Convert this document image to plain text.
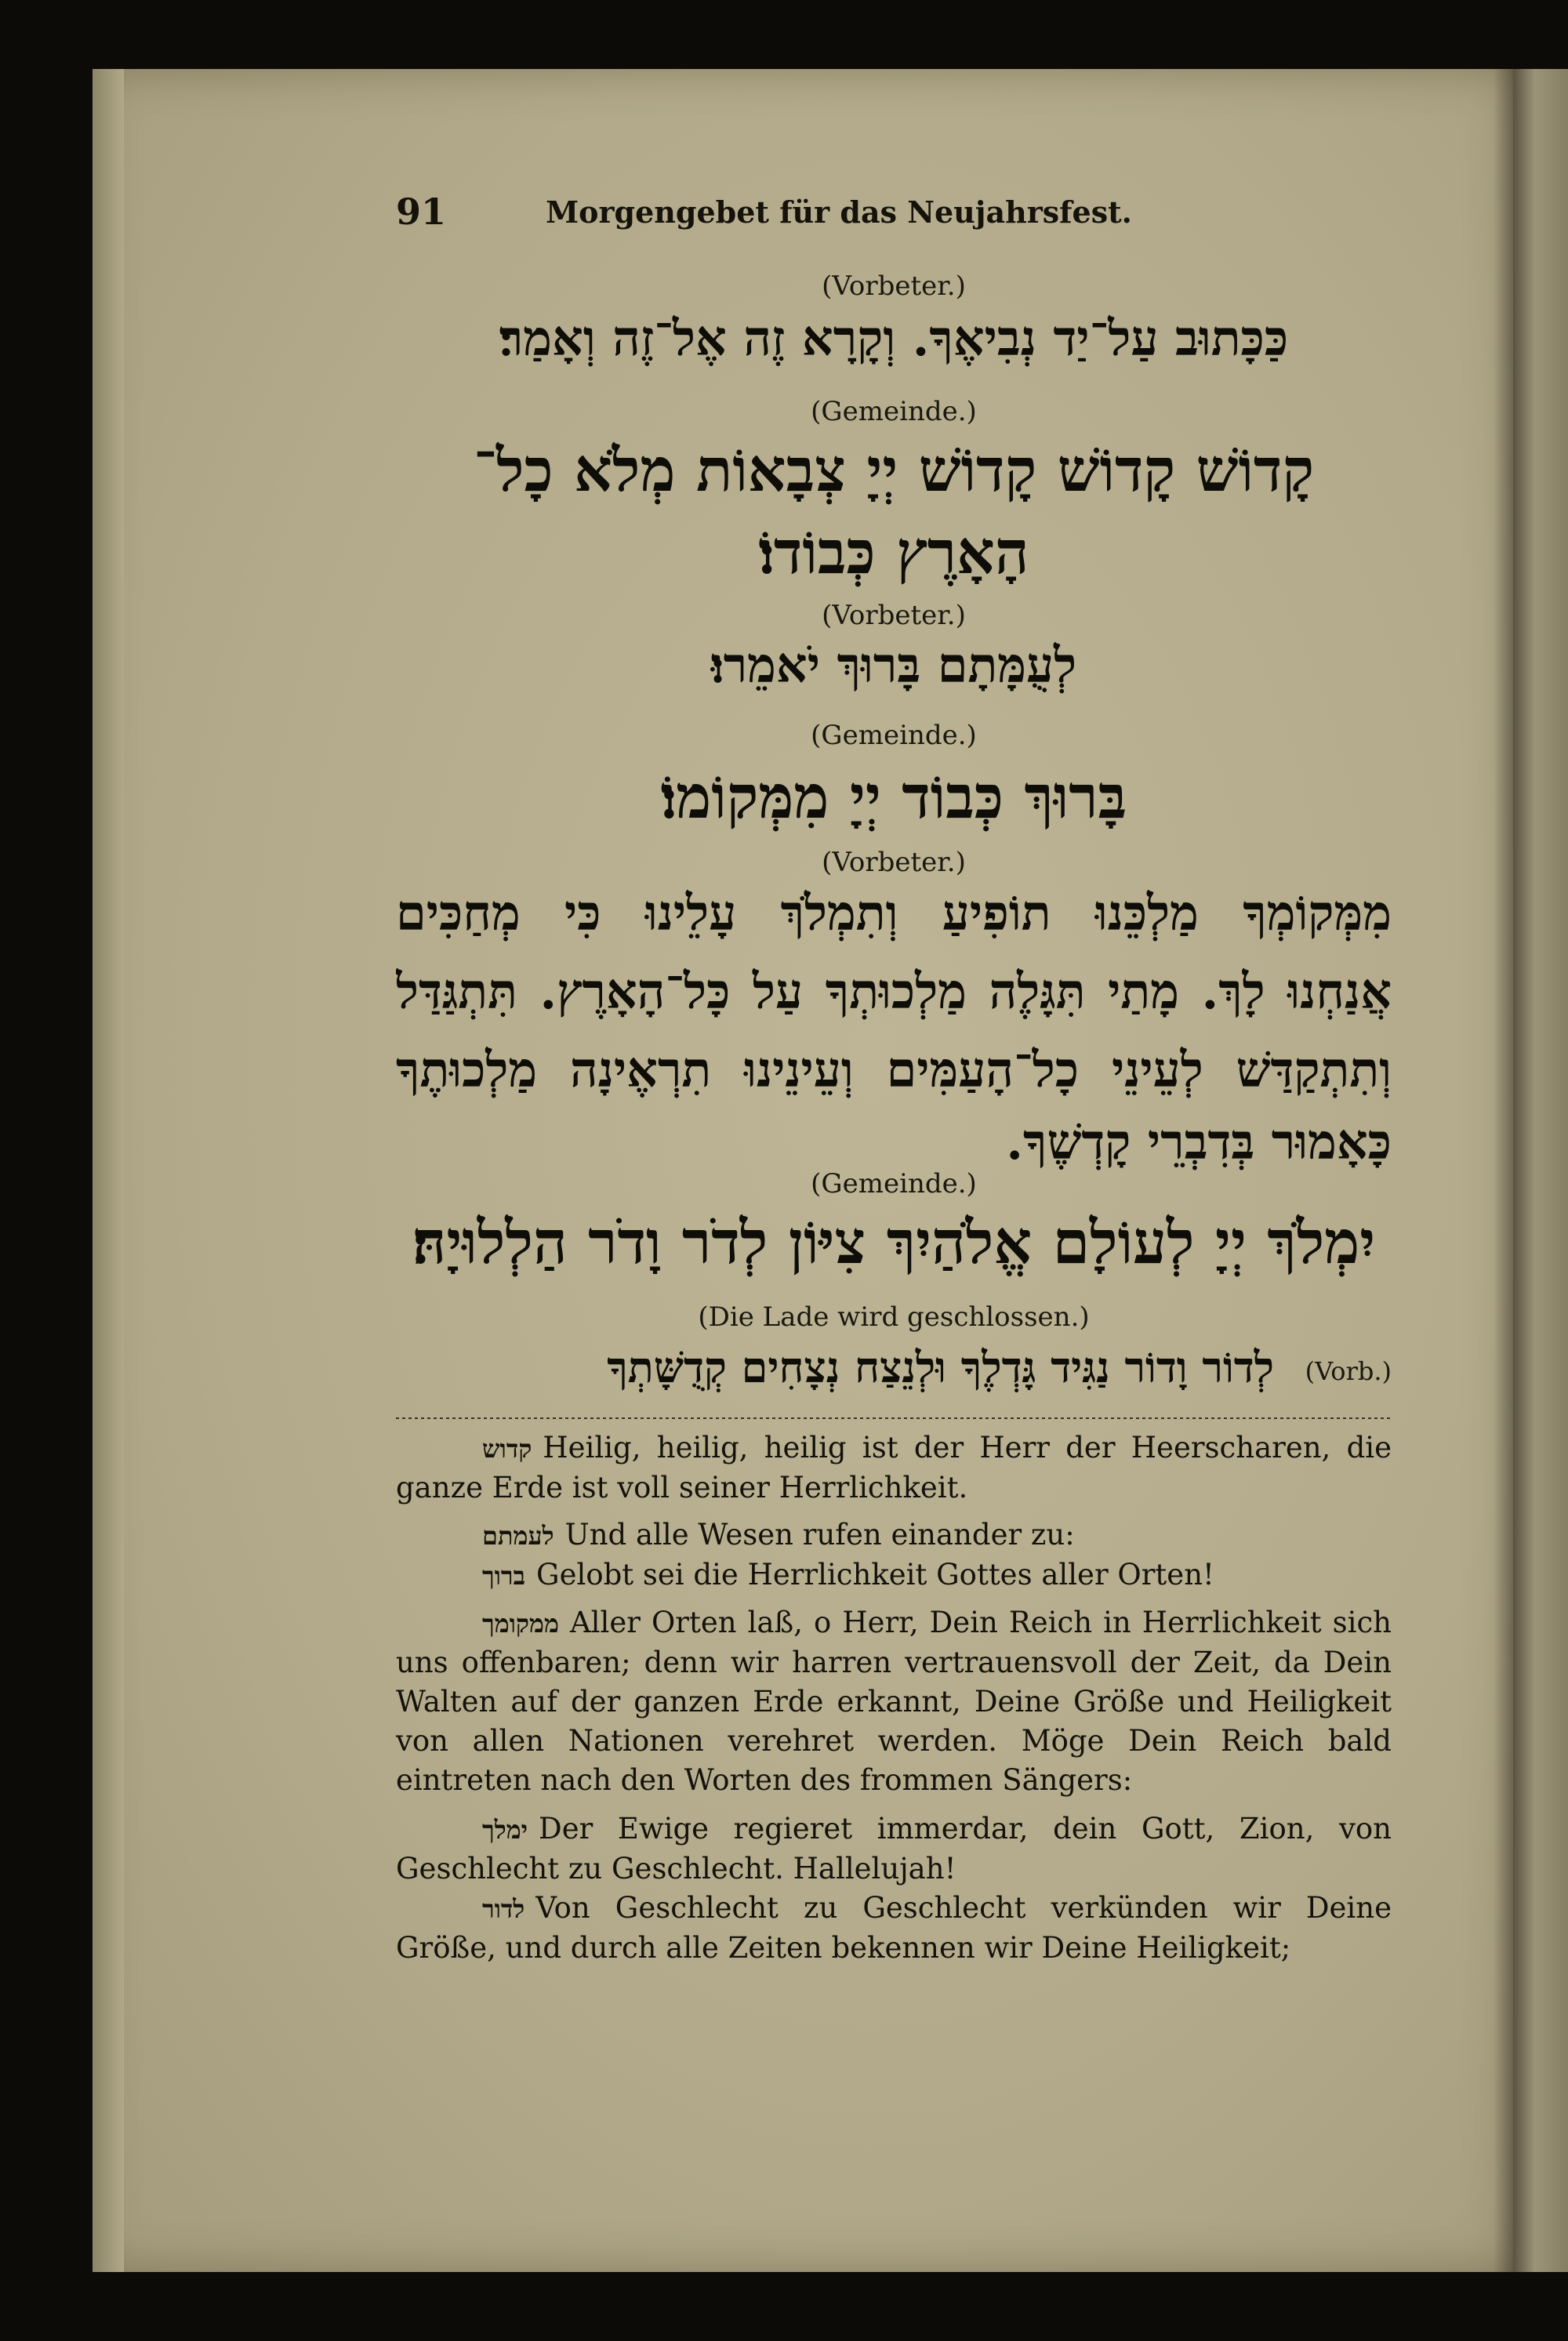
91	Morgengebet für das Neujahrsfest.
(Vorbeter.)
כַּכָּתוּב עַל־יַד נְבִיאֶךָ. וְקָרָא זֶה אֶל־זֶה וְאָמַר׃
(Gemeinde.)
קָדוֹשׁ קָדוֹשׁ קָדוֹשׁ יְיָ צְבָאוֹת מְלֹא כָל־
הָאָרֶץ כְּבוֹדוֹ׃
(Vorbeter.)
לְעֻמָּתָם בָּרוּךְ יֹאמֵרוּ׃
(Gemeinde.)
בָּרוּךְ כְּבוֹד יְיָ מִמְּקוֹמוֹ׃
(Vorbeter.)
מִמְּקוֹמְךָ מַלְכֵּנוּ תוֹפִיעַ וְתִמְלֹךְ עָלֵינוּ כִּי מְחַכִּים
אֲנַחְנוּ לָךְ. מָתַי תִּגָּלֶה מַלְכוּתְךָ עַל כָּל־הָאָרֶץ. תִּתְגַּדַּל
וְתִתְקַדַּשׁ לְעֵינֵי כָל־הָעַמִּים וְעֵינֵינוּ תִרְאֶינָה מַלְכוּתֶךָ
כָּאָמוּר בְּדִבְרֵי קָדְשֶׁךָ.
(Gemeinde.)
יִמְלֹךְ יְיָ לְעוֹלָם אֱלֹהַיִךְ צִיּוֹן לְדֹר וָדֹר הַלְלוּיָהּ׃
(Die Lade wird geschlossen.)
לְדוֹר וָדוֹר נַגִּיד גָּדְלֶךָ וּלְנֵצַח נְצָחִים קְדֻשָּׁתְךָ (Vorb.)

קדוש Heilig, heilig, heilig ist der Herr der Heerscharen, die ganze Erde ist voll seiner Herrlichkeit.

לעמתם Und alle Wesen rufen einander zu:

ברוך Gelobt sei die Herrlichkeit Gottes aller Orten!

ממקומך Aller Orten laß, o Herr, Dein Reich in Herrlichkeit sich uns offenbaren; denn wir harren vertrauensvoll der Zeit, da Dein Walten auf der ganzen Erde erkannt, Deine Größe und Heiligkeit von allen Nationen verehret werden. Möge Dein Reich bald eintreten nach den Worten des frommen Sängers:

ימלך Der Ewige regieret immerdar, dein Gott, Zion, von Geschlecht zu Geschlecht. Hallelujah!

לדור Von Geschlecht zu Geschlecht verkünden wir Deine Größe, und durch alle Zeiten bekennen wir Deine Heiligkeit;
